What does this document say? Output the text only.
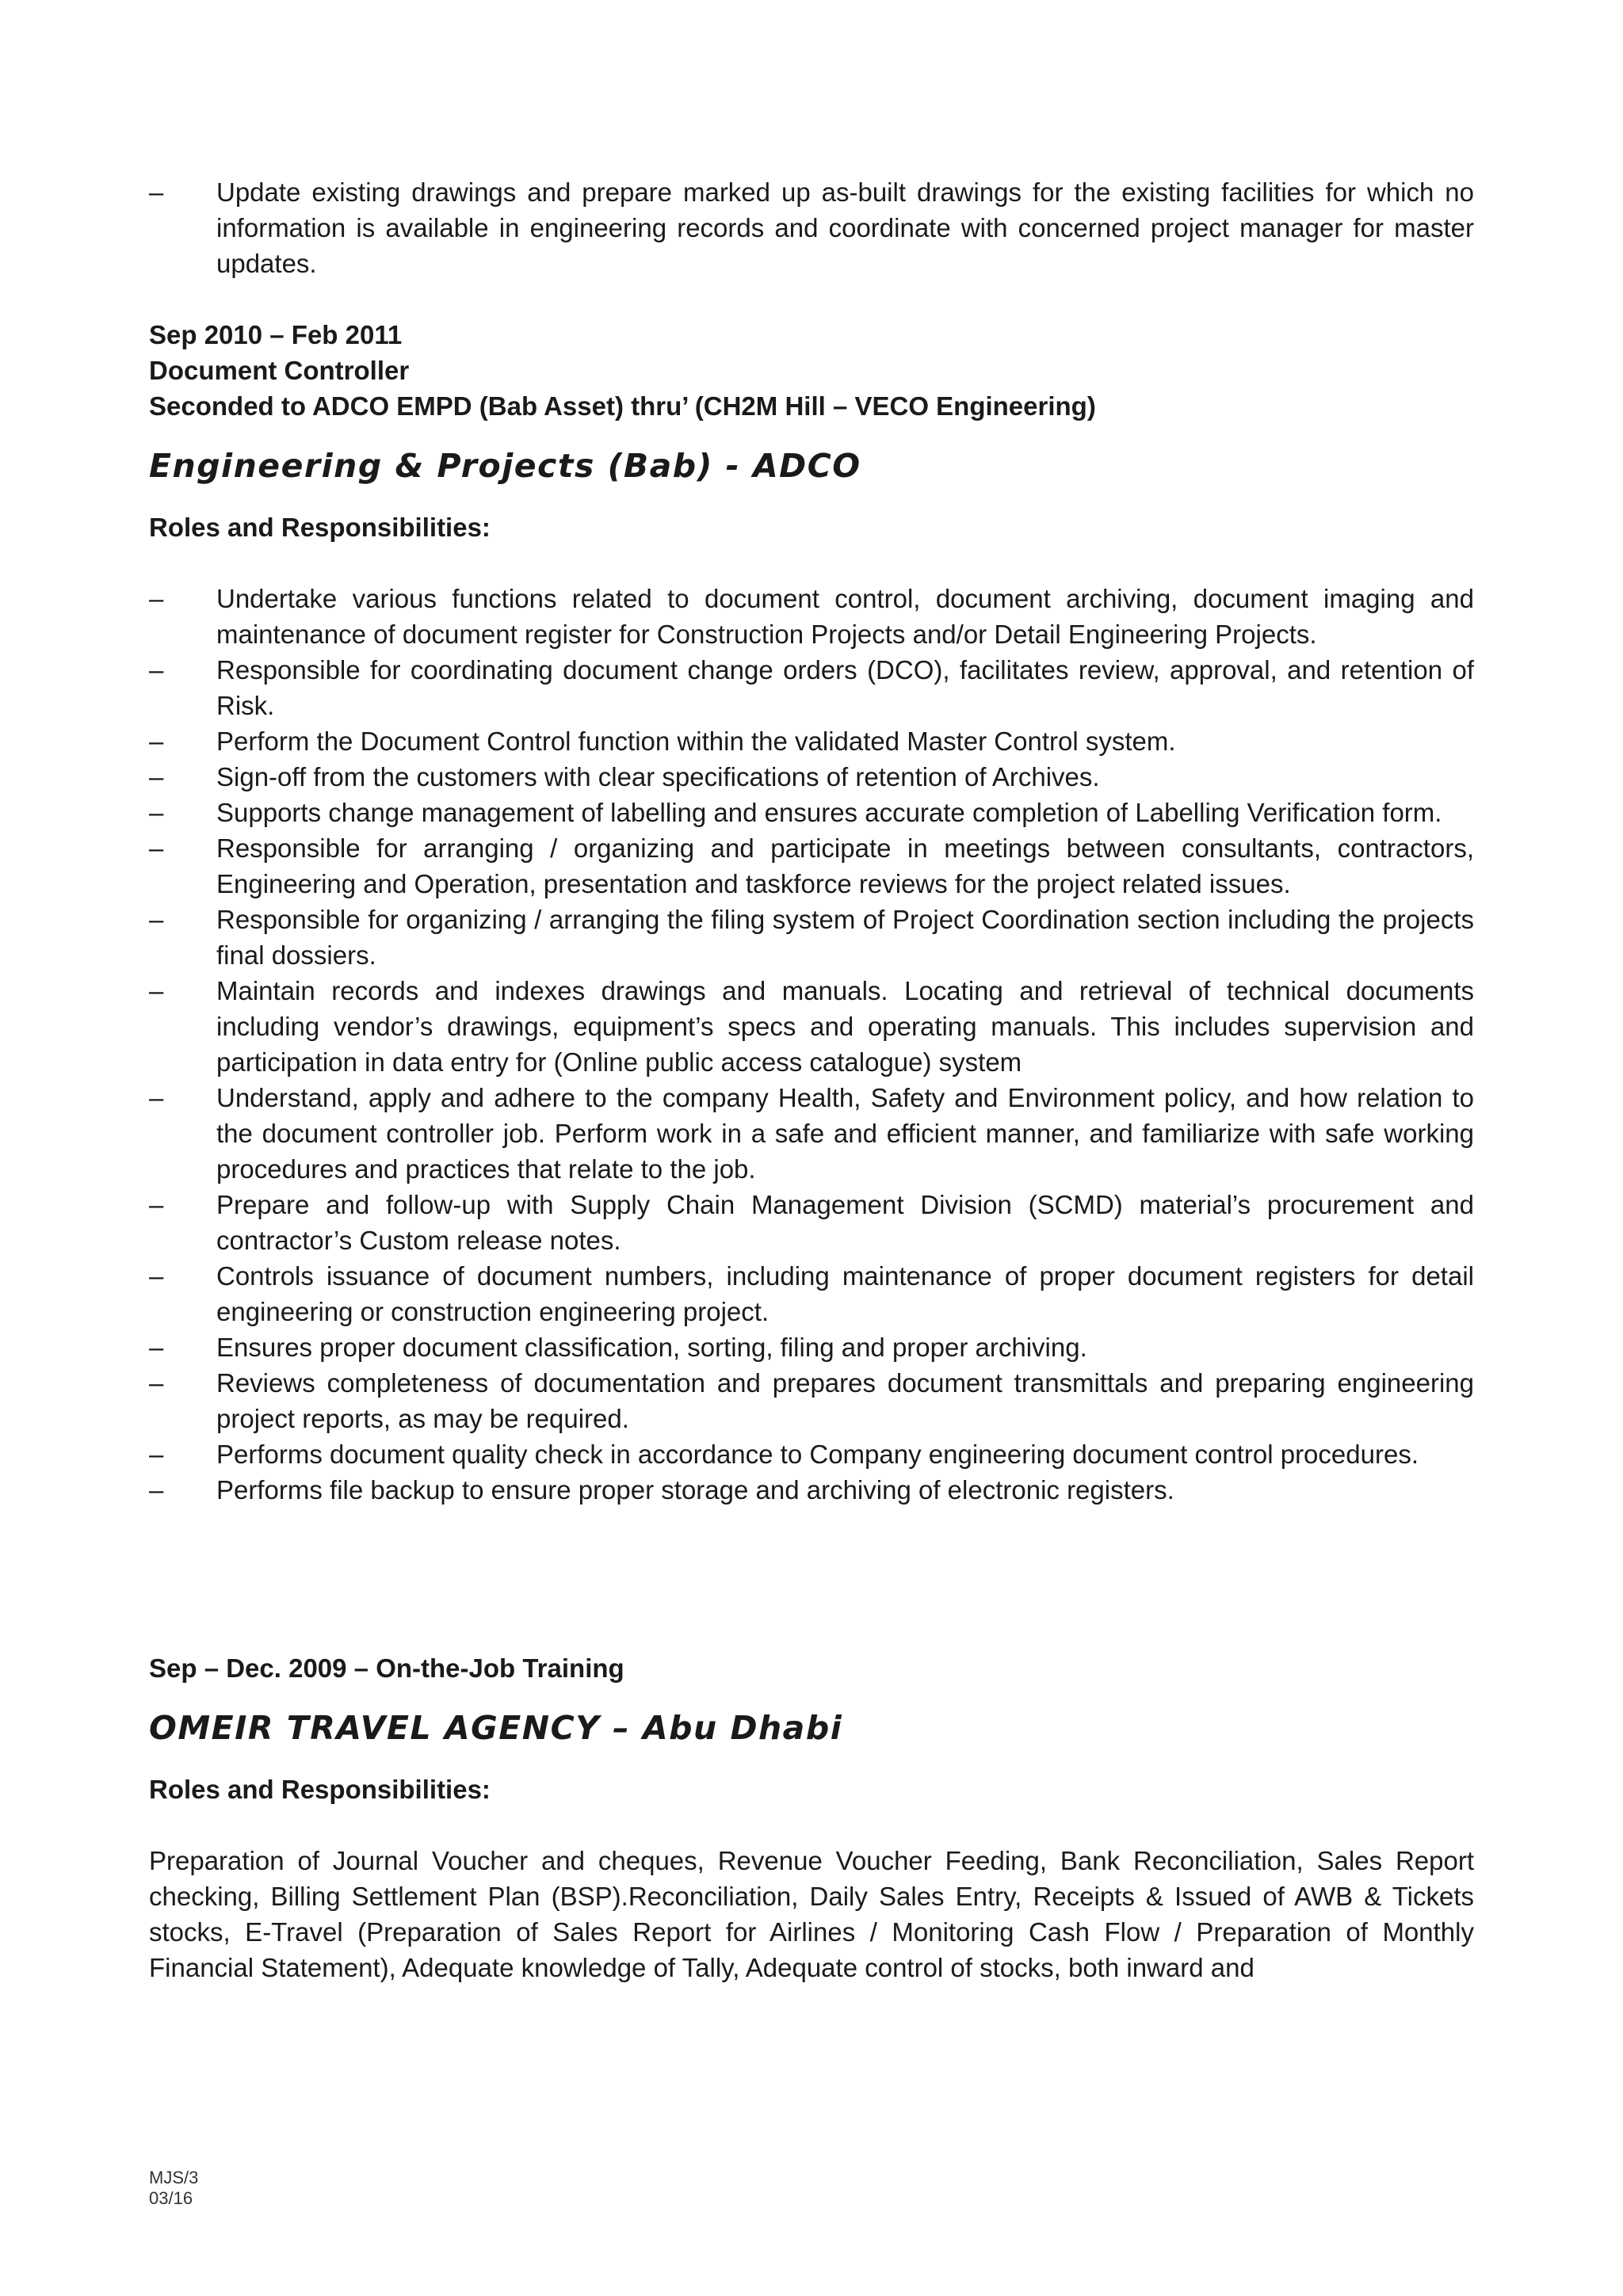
– Update existing drawings and prepare marked up as-built drawings for the existing facilities for which no information is available in engineering records and coordinate with concerned project manager for master updates.
Sep 2010 – Feb 2011
Document Controller
Seconded to ADCO EMPD (Bab Asset) thru’ (CH2M Hill – VECO Engineering)
Engineering & Projects (Bab) - ADCO
Roles and Responsibilities:
– Undertake various functions related to document control, document archiving, document imaging and maintenance of document register for Construction Projects and/or Detail Engineering Projects.
– Responsible for coordinating document change orders (DCO), facilitates review, approval, and retention of Risk.
– Perform the Document Control function within the validated Master Control system.
– Sign-off from the customers with clear specifications of retention of Archives.
– Supports change management of labelling and ensures accurate completion of Labelling Verification form.
– Responsible for arranging / organizing and participate in meetings between consultants, contractors, Engineering and Operation, presentation and taskforce reviews for the project related issues.
– Responsible for organizing / arranging the filing system of Project Coordination section including the projects final dossiers.
– Maintain records and indexes drawings and manuals. Locating and retrieval of technical documents including vendor’s drawings, equipment’s specs and operating manuals. This includes supervision and participation in data entry for (Online public access catalogue) system
– Understand, apply and adhere to the company Health, Safety and Environment policy, and how relation to the document controller job. Perform work in a safe and efficient manner, and familiarize with safe working procedures and practices that relate to the job.
– Prepare and follow-up with Supply Chain Management Division (SCMD) material’s procurement and contractor’s Custom release notes.
– Controls issuance of document numbers, including maintenance of proper document registers for detail engineering or construction engineering project.
– Ensures proper document classification, sorting, filing and proper archiving.
– Reviews completeness of documentation and prepares document transmittals and preparing engineering project reports, as may be required.
– Performs document quality check in accordance to Company engineering document control procedures.
– Performs file backup to ensure proper storage and archiving of electronic registers.
Sep – Dec. 2009 – On-the-Job Training
OMEIR TRAVEL AGENCY – Abu Dhabi
Roles and Responsibilities:
Preparation of Journal Voucher and cheques, Revenue Voucher Feeding, Bank Reconciliation, Sales Report checking, Billing Settlement Plan (BSP).Reconciliation, Daily Sales Entry, Receipts & Issued of AWB & Tickets stocks, E-Travel (Preparation of Sales Report for Airlines / Monitoring Cash Flow / Preparation of Monthly Financial Statement), Adequate knowledge of Tally, Adequate control of stocks, both inward and
MJS/3
03/16
